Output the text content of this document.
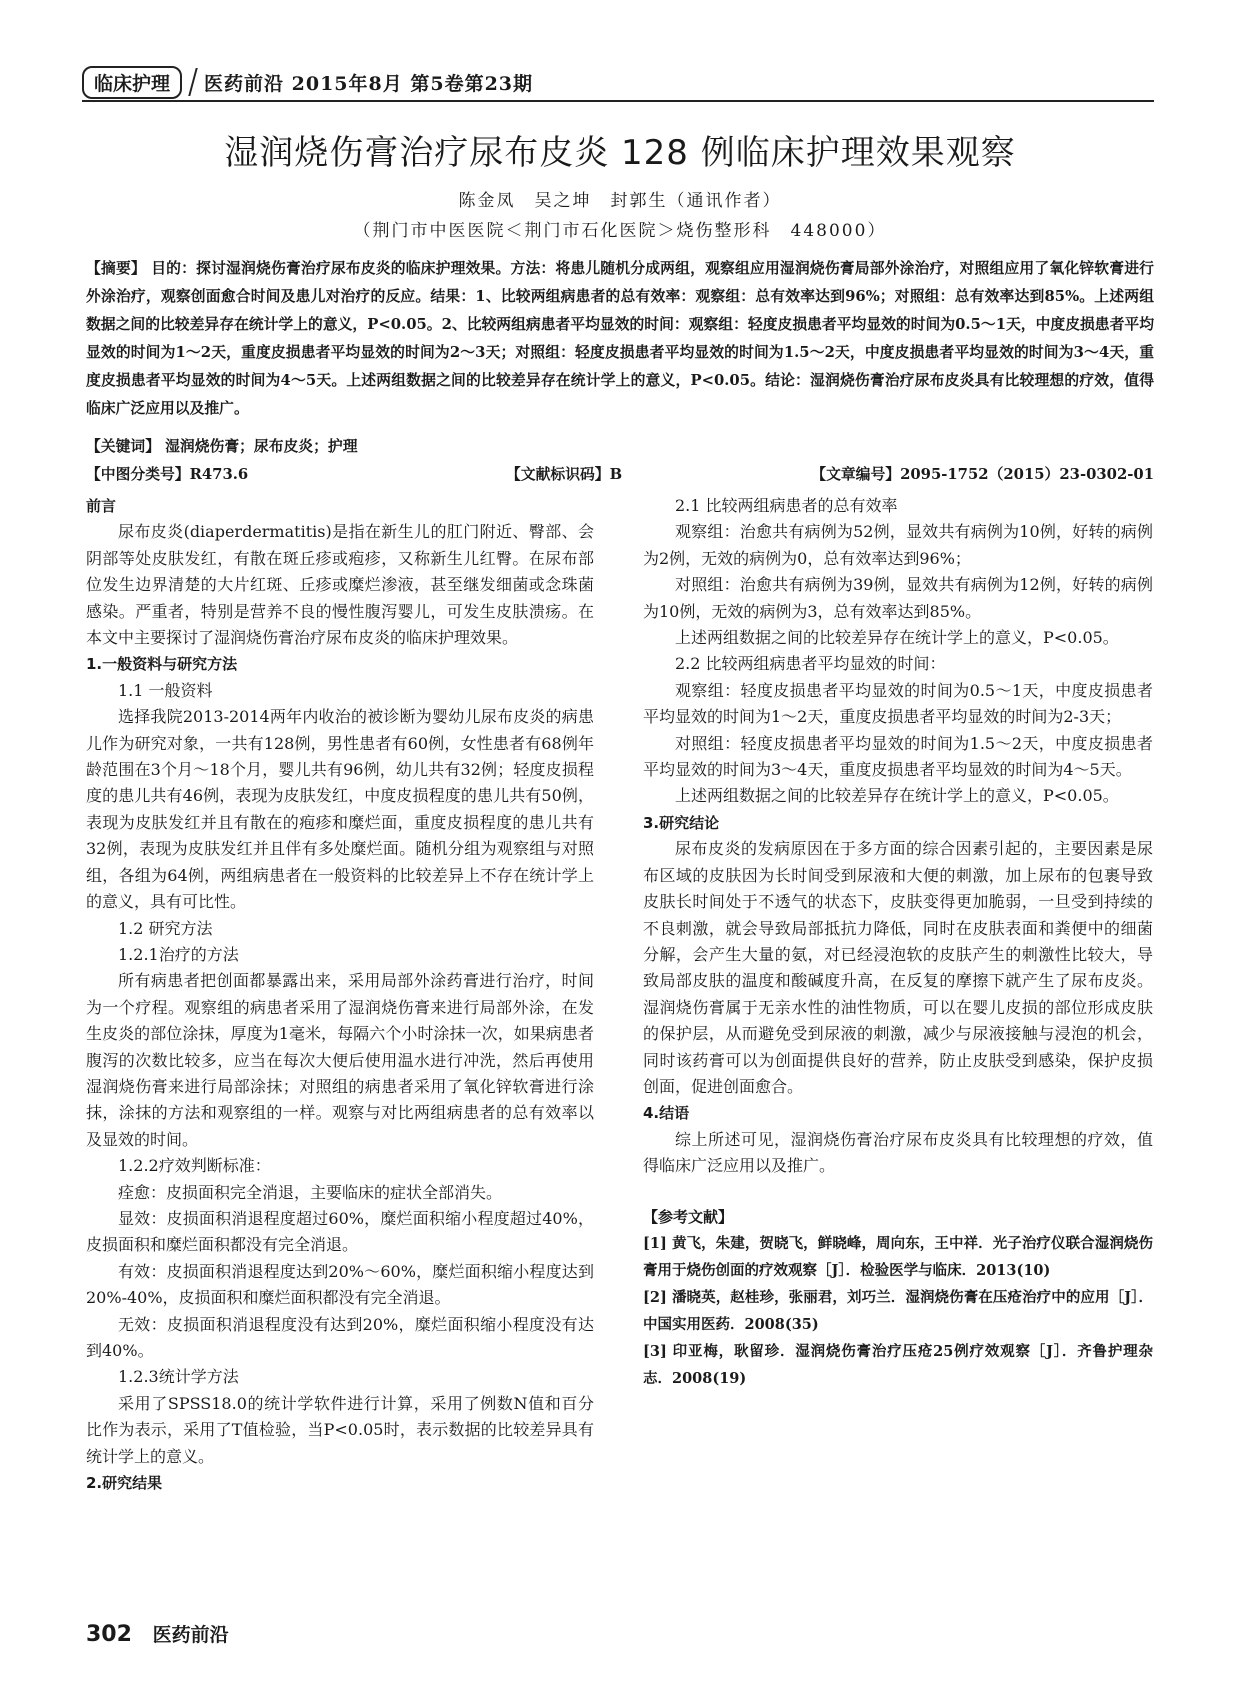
临床护理	医药前沿 2015年8月 第5卷第23期
湿润烧伤膏治疗尿布皮炎 128 例临床护理效果观察
陈金凤　吴之坤　封郭生（通讯作者）
（荆门市中医医院＜荆门市石化医院＞烧伤整形科　448000）
【摘要】 目的：探讨湿润烧伤膏治疗尿布皮炎的临床护理效果。方法：将患儿随机分成两组，观察组应用湿润烧伤膏局部外涂治疗，对照组应用了氧化锌软膏进行外涂治疗，观察创面愈合时间及患儿对治疗的反应。结果：1、比较两组病患者的总有效率：观察组：总有效率达到96%；对照组：总有效率达到85%。上述两组数据之间的比较差异存在统计学上的意义，P<0.05。2、比较两组病患者平均显效的时间：观察组：轻度皮损患者平均显效的时间为0.5～1天，中度皮损患者平均显效的时间为1～2天，重度皮损患者平均显效的时间为2～3天；对照组：轻度皮损患者平均显效的时间为1.5～2天，中度皮损患者平均显效的时间为3～4天，重度皮损患者平均显效的时间为4～5天。上述两组数据之间的比较差异存在统计学上的意义，P<0.05。结论：湿润烧伤膏治疗尿布皮炎具有比较理想的疗效，值得临床广泛应用以及推广。
【关键词】 湿润烧伤膏；尿布皮炎；护理
【中图分类号】R473.6	【文献标识码】B	【文章编号】2095-1752（2015）23-0302-01

前言

尿布皮炎(diaperdermatitis)是指在新生儿的肛门附近、臀部、会阴部等处皮肤发红，有散在斑丘疹或疱疹，又称新生儿红臀。在尿布部位发生边界清楚的大片红斑、丘疹或糜烂渗液，甚至继发细菌或念珠菌感染。严重者，特别是营养不良的慢性腹泻婴儿，可发生皮肤溃疡。在本文中主要探讨了湿润烧伤膏治疗尿布皮炎的临床护理效果。

1.一般资料与研究方法

1.1 一般资料

选择我院2013-2014两年内收治的被诊断为婴幼儿尿布皮炎的病患儿作为研究对象，一共有128例，男性患者有60例，女性患者有68例年龄范围在3个月～18个月，婴儿共有96例，幼儿共有32例；轻度皮损程度的患儿共有46例，表现为皮肤发红，中度皮损程度的患儿共有50例，表现为皮肤发红并且有散在的疱疹和糜烂面，重度皮损程度的患儿共有32例，表现为皮肤发红并且伴有多处糜烂面。随机分组为观察组与对照组，各组为64例，两组病患者在一般资料的比较差异上不存在统计学上的意义，具有可比性。

1.2 研究方法

1.2.1治疗的方法

所有病患者把创面都暴露出来，采用局部外涂药膏进行治疗，时间为一个疗程。观察组的病患者采用了湿润烧伤膏来进行局部外涂，在发生皮炎的部位涂抹，厚度为1毫米，每隔六个小时涂抹一次，如果病患者腹泻的次数比较多，应当在每次大便后使用温水进行冲洗，然后再使用湿润烧伤膏来进行局部涂抹；对照组的病患者采用了氧化锌软膏进行涂抹，涂抹的方法和观察组的一样。观察与对比两组病患者的总有效率以及显效的时间。

1.2.2疗效判断标准：

痊愈：皮损面积完全消退，主要临床的症状全部消失。

显效：皮损面积消退程度超过60%，糜烂面积缩小程度超过40%，皮损面积和糜烂面积都没有完全消退。

有效：皮损面积消退程度达到20%～60%，糜烂面积缩小程度达到20%-40%，皮损面积和糜烂面积都没有完全消退。

无效：皮损面积消退程度没有达到20%，糜烂面积缩小程度没有达到40%。

1.2.3统计学方法

采用了SPSS18.0的统计学软件进行计算，采用了例数N值和百分比作为表示，采用了T值检验，当P<0.05时，表示数据的比较差异具有统计学上的意义。

2.研究结果

2.1 比较两组病患者的总有效率

观察组：治愈共有病例为52例，显效共有病例为10例，好转的病例为2例，无效的病例为0，总有效率达到96%；

对照组：治愈共有病例为39例，显效共有病例为12例，好转的病例为10例，无效的病例为3，总有效率达到85%。

上述两组数据之间的比较差异存在统计学上的意义，P<0.05。

2.2 比较两组病患者平均显效的时间：

观察组：轻度皮损患者平均显效的时间为0.5～1天，中度皮损患者平均显效的时间为1～2天，重度皮损患者平均显效的时间为2-3天；

对照组：轻度皮损患者平均显效的时间为1.5～2天，中度皮损患者平均显效的时间为3～4天，重度皮损患者平均显效的时间为4～5天。

上述两组数据之间的比较差异存在统计学上的意义，P<0.05。

3.研究结论

尿布皮炎的发病原因在于多方面的综合因素引起的，主要因素是尿布区域的皮肤因为长时间受到尿液和大便的刺激，加上尿布的包裹导致皮肤长时间处于不透气的状态下，皮肤变得更加脆弱，一旦受到持续的不良刺激，就会导致局部抵抗力降低，同时在皮肤表面和粪便中的细菌分解，会产生大量的氨，对已经浸泡软的皮肤产生的刺激性比较大，导致局部皮肤的温度和酸碱度升高，在反复的摩擦下就产生了尿布皮炎。湿润烧伤膏属于无亲水性的油性物质，可以在婴儿皮损的部位形成皮肤的保护层，从而避免受到尿液的刺激，减少与尿液接触与浸泡的机会，同时该药膏可以为创面提供良好的营养，防止皮肤受到感染，保护皮损创面，促进创面愈合。

4.结语

综上所述可见，湿润烧伤膏治疗尿布皮炎具有比较理想的疗效，值得临床广泛应用以及推广。

【参考文献】

[1] 黄飞，朱建，贺晓飞，鲜晓峰，周向东，王中祥．光子治疗仪联合湿润烧伤膏用于烧伤创面的疗效观察［J］．检验医学与临床．2013(10)

[2] 潘晓英，赵桂珍，张丽君，刘巧兰．湿润烧伤膏在压疮治疗中的应用［J］．中国实用医药．2008(35)

[3] 印亚梅，耿留珍．湿润烧伤膏治疗压疮25例疗效观察［J］．齐鲁护理杂志．2008(19)

302 医药前沿
